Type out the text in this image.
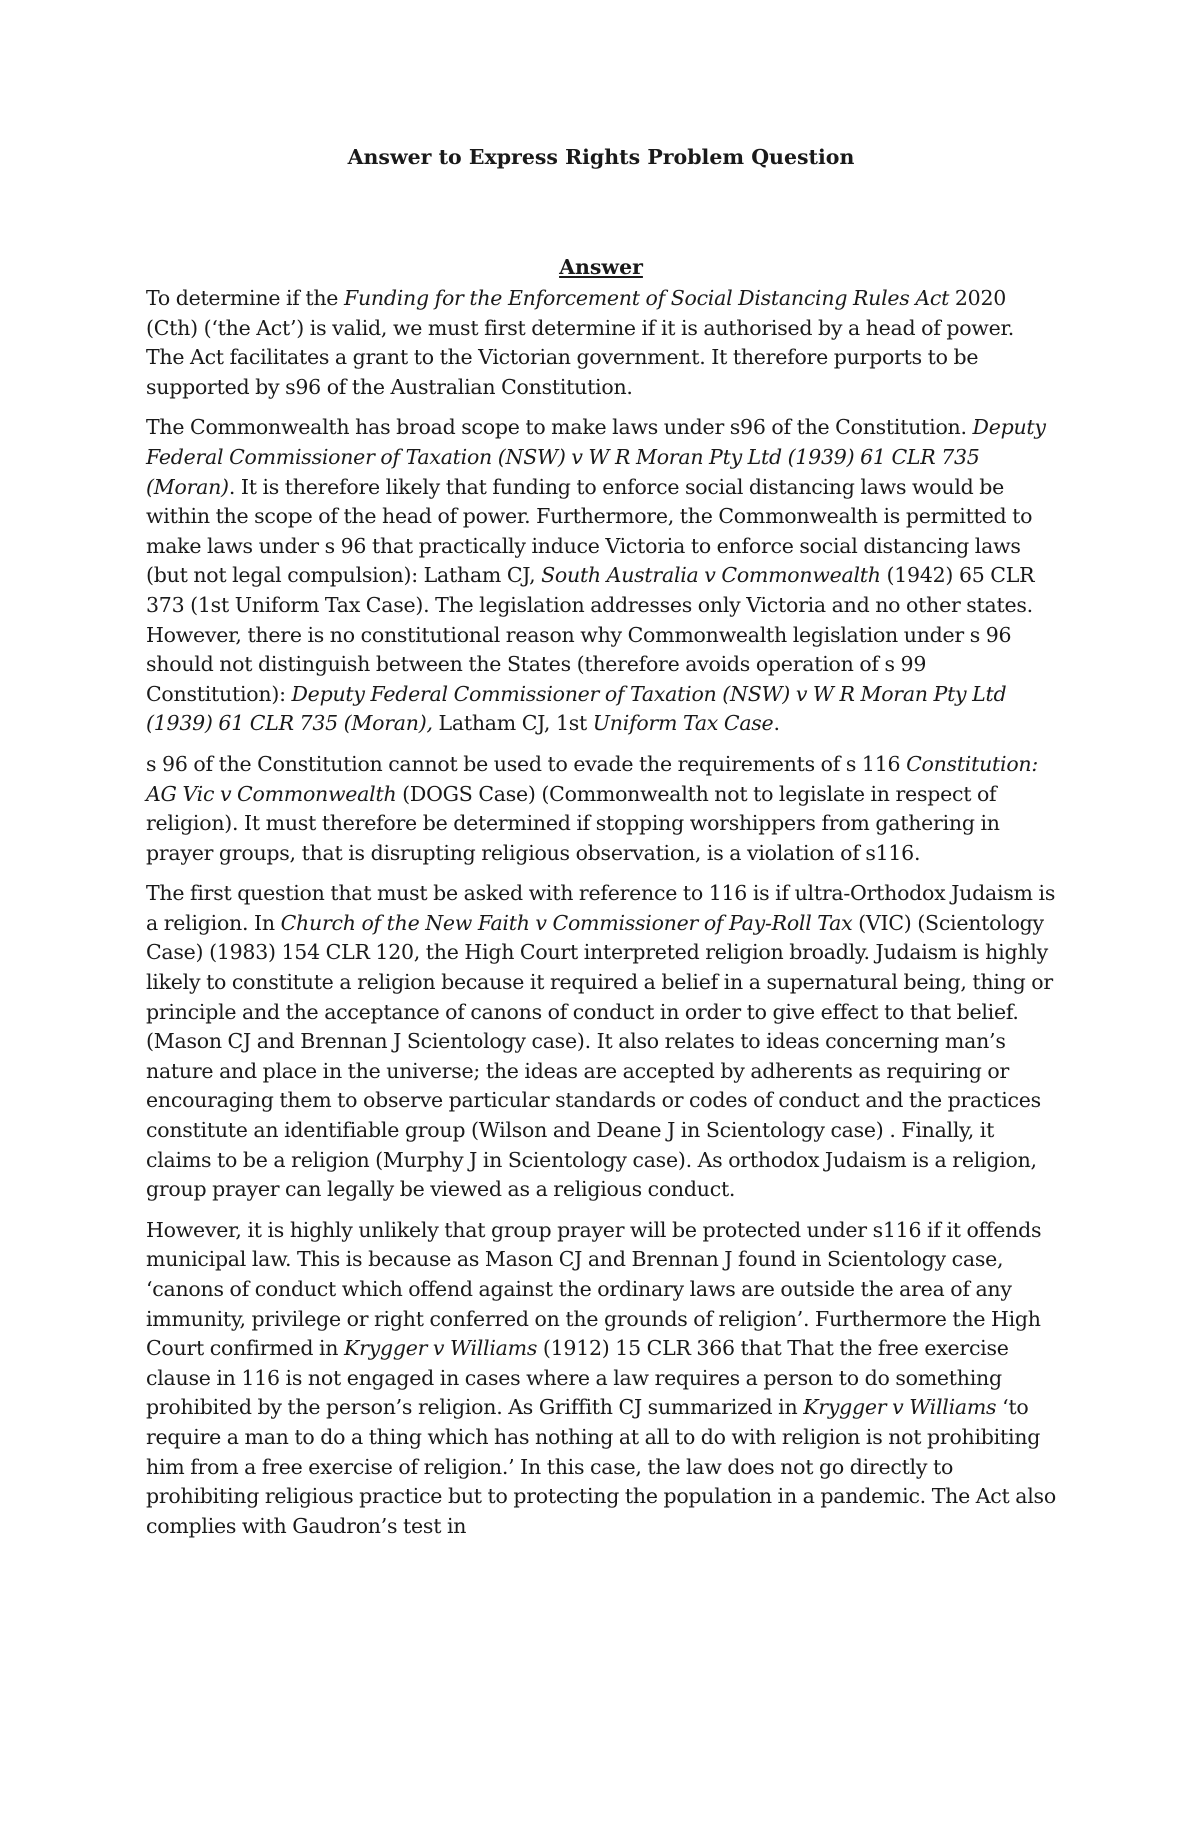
Answer to Express Rights Problem Question
Answer

To determine if the Funding for the Enforcement of Social Distancing Rules Act 2020 (Cth) (‘the Act’) is valid, we must first determine if it is authorised by a head of power. The Act facilitates a grant to the Victorian government. It therefore purports to be supported by s96 of the Australian Constitution.

The Commonwealth has broad scope to make laws under s96 of the Constitution. Deputy Federal Commissioner of Taxation (NSW) v W R Moran Pty Ltd (1939) 61 CLR 735 (Moran). It is therefore likely that funding to enforce social distancing laws would be within the scope of the head of power. Furthermore, the Commonwealth is permitted to make laws under s 96 that practically induce Victoria to enforce social distancing laws (but not legal compulsion): Latham CJ, South Australia v Commonwealth (1942) 65 CLR 373 (1st Uniform Tax Case). The legislation addresses only Victoria and no other states. However, there is no constitutional reason why Commonwealth legislation under s 96 should not distinguish between the States (therefore avoids operation of s 99 Constitution): Deputy Federal Commissioner of Taxation (NSW) v W R Moran Pty Ltd (1939) 61 CLR 735 (Moran), Latham CJ, 1st Uniform Tax Case.

s 96 of the Constitution cannot be used to evade the requirements of s 116 Constitution: AG Vic v Commonwealth (DOGS Case) (Commonwealth not to legislate in respect of religion). It must therefore be determined if stopping worshippers from gathering in prayer groups, that is disrupting religious observation, is a violation of s116.

The first question that must be asked with reference to 116 is if ultra-Orthodox Judaism is a religion. In Church of the New Faith v Commissioner of Pay-Roll Tax (VIC) (Scientology Case) (1983) 154 CLR 120, the High Court interpreted religion broadly. Judaism is highly likely to constitute a religion because it required a belief in a supernatural being, thing or principle and the acceptance of canons of conduct in order to give effect to that belief. (Mason CJ and Brennan J Scientology case). It also relates to ideas concerning man’s nature and place in the universe; the ideas are accepted by adherents as requiring or encouraging them to observe particular standards or codes of conduct and the practices constitute an identifiable group (Wilson and Deane J in Scientology case) . Finally, it claims to be a religion (Murphy J in Scientology case). As orthodox Judaism is a religion, group prayer can legally be viewed as a religious conduct.

However, it is highly unlikely that group prayer will be protected under s116 if it offends municipal law. This is because as Mason CJ and Brennan J found in Scientology case, ‘canons of conduct which offend against the ordinary laws are outside the area of any immunity, privilege or right conferred on the grounds of religion’. Furthermore the High Court confirmed in Krygger v Williams (1912) 15 CLR 366 that That the free exercise clause in 116 is not engaged in cases where a law requires a person to do something prohibited by the person’s religion. As Griffith CJ summarized in Krygger v Williams ‘to require a man to do a thing which has nothing at all to do with religion is not prohibiting him from a free exercise of religion.’ In this case, the law does not go directly to prohibiting religious practice but to protecting the population in a pandemic. The Act also complies with Gaudron’s test in
